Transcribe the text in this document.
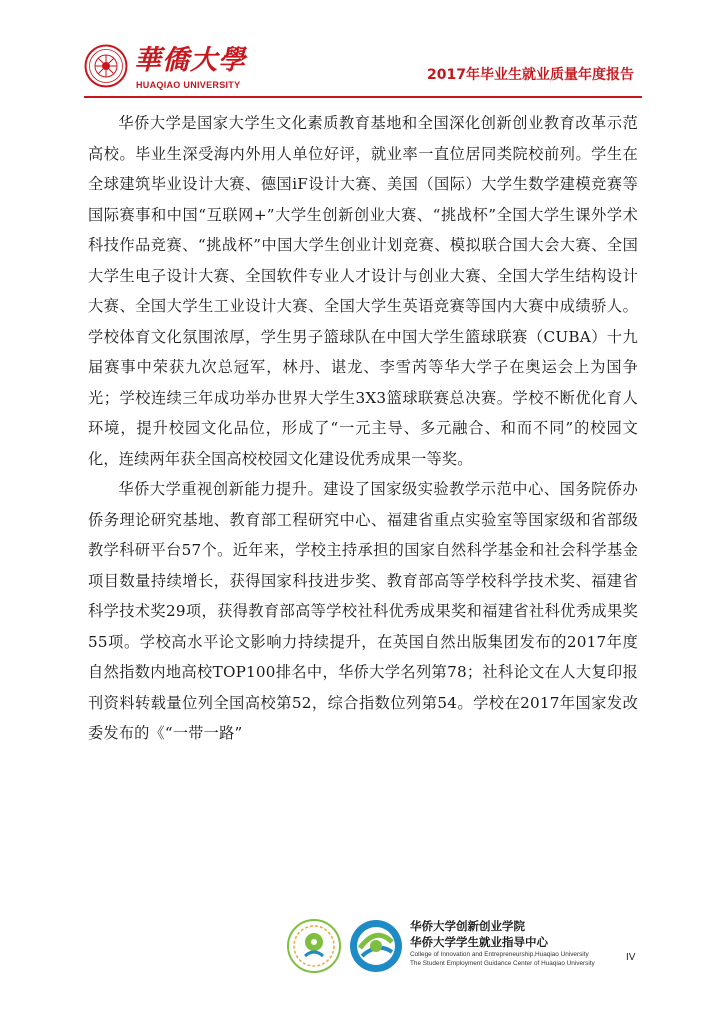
華僑大學
HUAQIAO UNIVERSITY
2017年毕业生就业质量年度报告

华侨大学是国家大学生文化素质教育基地和全国深化创新创业教育改革示范高校。毕业生深受海内外用人单位好评，就业率一直位居同类院校前列。学生在全球建筑毕业设计大赛、德国iF设计大赛、美国（国际）大学生数学建模竞赛等国际赛事和中国“互联网+”大学生创新创业大赛、“挑战杯”全国大学生课外学术科技作品竞赛、“挑战杯”中国大学生创业计划竞赛、模拟联合国大会大赛、全国大学生电子设计大赛、全国软件专业人才设计与创业大赛、全国大学生结构设计大赛、全国大学生工业设计大赛、全国大学生英语竞赛等国内大赛中成绩骄人。学校体育文化氛围浓厚，学生男子篮球队在中国大学生篮球联赛（CUBA）十九届赛事中荣获九次总冠军，林丹、谌龙、李雪芮等华大学子在奥运会上为国争光；学校连续三年成功举办世界大学生3X3篮球联赛总决赛。学校不断优化育人环境，提升校园文化品位，形成了“一元主导、多元融合、和而不同”的校园文化，连续两年获全国高校校园文化建设优秀成果一等奖。

华侨大学重视创新能力提升。建设了国家级实验教学示范中心、国务院侨办侨务理论研究基地、教育部工程研究中心、福建省重点实验室等国家级和省部级教学科研平台57个。近年来，学校主持承担的国家自然科学基金和社会科学基金项目数量持续增长，获得国家科技进步奖、教育部高等学校科学技术奖、福建省科学技术奖29项，获得教育部高等学校社科优秀成果奖和福建省社科优秀成果奖55项。学校高水平论文影响力持续提升，在英国自然出版集团发布的2017年度自然指数内地高校TOP100排名中，华侨大学名列第78；社科论文在人大复印报刊资料转载量位列全国高校第52，综合指数位列第54。学校在2017年国家发改委发布的《“一带一路”

华侨大学创新创业学院
华侨大学学生就业指导中心
College of Innovation and Entrepreneurship,Huaqiao University
The Student Employment Guidance Center of Huaqiao University
IV
